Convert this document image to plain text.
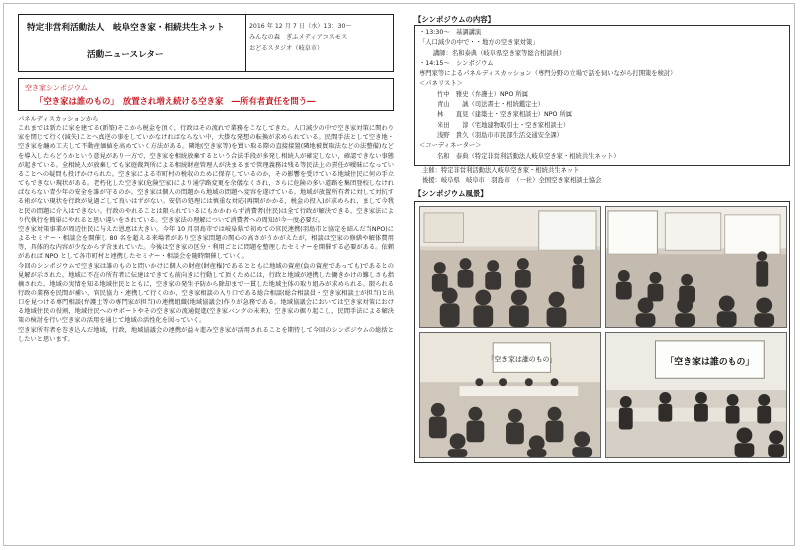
特定非営利活動法人　岐阜空き家・相続共生ネット
活動ニュースレター
2016 年 12 月 7 日（水）13：30～
みんなの森　ぎふメディアコスモス
おどるスタジオ（岐阜市）
空き家シンポジウム
「空き家は誰のもの」　放置され増え続ける空き家　―所有者責任を問う―
パネルディスカッションから

これまでは新たに家を建てる(新築)そこから税金を頂く，行政はその流れで業務をこなしてきた。人口減少の中で空き家対策に関わり家を閉じて行く(減失)ことへ真逆の事をしていかなければならない中，大掛な発想の転換が求められている。民間手法として空き地・空き家を纏め工夫して不動産価値を高めていく方法がある。隣地(空き家等)を買い取る際の直接接置(隣地被買取法などの法整備)などを導入したらどうかという意見があり一方で，空き家を相続放棄するという合法手段が多発し相続人が確定しない，確認できない事態が起きている。全相続人が放棄しても家庭裁判所による相続財産管理人が決まるまで管理義務は残る等民法上の責任が曖昧になっていることへの疑問も投げかけられた。空き家による市町村の税収のために保存しているのか，その影響を受けている地域住民に何の手立てもできない現状がある。老朽化した空き家(危険空家)により通学路変更を余儀なくされ，さらに危険の多い道路を集団登校しなければならない青少年の安全を誰が守るのか。空き家は個人の問題から地域の問題へ変容を遂げている。地域が放置所有者に対して対抗する術がない現状を行政が見過ごして良いはずがない。安倍の処理には慎重な対応(再開がかかる，税金の投入)が求められ，まして今我と民の問題に介入はできない。行政のやれることは限られているにもかかわらず消費者(住民)は全て行政が解決できる，空き家法により代執行を簡単にやれると思い違いをされている。空き家法の理解について消費者への周知が今一度必要だ。

空き家対策事業が周辺住民に与えた恩恵は大きい。今年 10 月羽島市では岐阜県で初めての官民連携(羽島市と協定を結んだ当NPO)によるセミナー・相談会を開催し 80 名を超える来場者があり空き家問題の関心の高さがうかがえたが，相談は空家の修繕や解体費用等，具体的な内容が少なからず含まれていた。今後は空き家の区分・利用ごとに問題を整理したセミナーを開催する必要がある。依頼があれば NPO として各市町村と連携したセミナー・相談会を随時開催していく。

今回のシンポジウムで空き家は誰のものと問いかけに個人の財産(財産権)であるとともに地域の資産(負の資産であっても)であるとの見解が示された。地域に不在の所有者に伝達はできても前向きに行動して頂くためには，行政と地域が連携した働きかけの難しさも指摘された。地域の実情を知る地域住民とともに，空き家の発生予防から除却まで一貫した地域主体の取り組みが求められる。限られる行政の業務を民間が補い，官民協力・連携して行くのか，空き家相談の入り口である総合相談(総合相談員・空き家相談士が担当)と出口を見つける専門相談(弁護士等の専門家が担当)の連携組織(地域協議会)作りが急務である。地域協議会においては空き家対策における地域住民の役割，地域住民へのサポートやその空き家の流通促進(空き家バンクの未来)，空き家の掘り起こし，民間手法による解決策の検討を行い空き家の活用を通じて地域の活性化を図っていく。

空き家所有者を巻き込んだ地域，行政，地域協議会の連携が益々進み空き家が活用されることを期待して今回のシンポジウムの総括としたいと思います。

【シンポジウムの内容】
・13:30～　基調講演
「人口減少の中で・・地方の空き家対策」
講師：名和泰典（岐阜県空き家等総合相談員）
・14:15～　シンポジウム
専門家等によるパネルディスカッション（専門分野の立場で話を伺いながら打開策を検討）
＜パネリスト＞
竹中　雅史（弁護士）NPO 所属
青山　　誠（司法書士・相続鑑定士）
林　　直見（建築士・空き家相談士）NPO 所属
米田　　淳（宅地建物取引士・空き家相談士）
浅野　貴久（羽島市市民部生活交通安全課）
＜コーディネーター＞
名和　泰典（特定非営利活動法人岐阜空き家・相続共生ネット）
主催：特定非営利活動法人岐阜空き家・相続共生ネット
後援：岐阜県　岐阜市　羽島市　（一社）全国空き家相談士協会
【シンポジウム風景】
「空き家は誰のもの」	「空き家は誰のもの」
